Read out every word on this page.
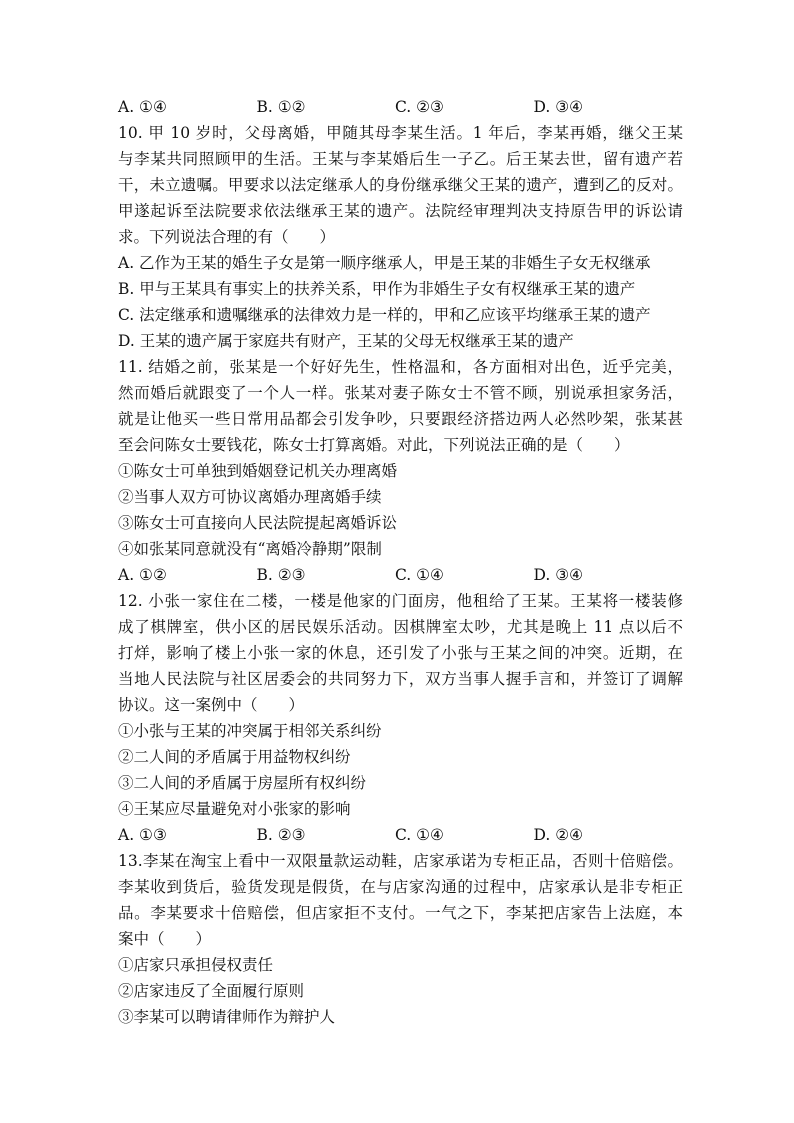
A. ①④	B. ①②	C. ②③	D. ③④
10. 甲 10 岁时，父母离婚，甲随其母李某生活。1 年后，李某再婚，继父王某
与李某共同照顾甲的生活。王某与李某婚后生一子乙。后王某去世，留有遗产若
干，未立遗嘱。甲要求以法定继承人的身份继承继父王某的遗产，遭到乙的反对。
甲遂起诉至法院要求依法继承王某的遗产。法院经审理判决支持原告甲的诉讼请
求。下列说法合理的有（　　）
A. 乙作为王某的婚生子女是第一顺序继承人，甲是王某的非婚生子女无权继承
B. 甲与王某具有事实上的扶养关系，甲作为非婚生子女有权继承王某的遗产
C. 法定继承和遗嘱继承的法律效力是一样的，甲和乙应该平均继承王某的遗产
D. 王某的遗产属于家庭共有财产，王某的父母无权继承王某的遗产
11. 结婚之前，张某是一个好好先生，性格温和，各方面相对出色，近乎完美，
然而婚后就跟变了一个人一样。张某对妻子陈女士不管不顾，别说承担家务活，
就是让他买一些日常用品都会引发争吵，只要跟经济搭边两人必然吵架，张某甚
至会问陈女士要钱花，陈女士打算离婚。对此，下列说法正确的是（　　）
①陈女士可单独到婚姻登记机关办理离婚
②当事人双方可协议离婚办理离婚手续
③陈女士可直接向人民法院提起离婚诉讼
④如张某同意就没有“离婚冷静期”限制
A. ①②	B. ②③	C. ①④	D. ③④
12. 小张一家住在二楼，一楼是他家的门面房，他租给了王某。王某将一楼装修
成了棋牌室，供小区的居民娱乐活动。因棋牌室太吵，尤其是晚上 11 点以后不
打烊，影响了楼上小张一家的休息，还引发了小张与王某之间的冲突。近期，在
当地人民法院与社区居委会的共同努力下，双方当事人握手言和，并签订了调解
协议。这一案例中（　　）
①小张与王某的冲突属于相邻关系纠纷
②二人间的矛盾属于用益物权纠纷
③二人间的矛盾属于房屋所有权纠纷
④王某应尽量避免对小张家的影响
A. ①③	B. ②③	C. ①④	D. ②④
13.李某在淘宝上看中一双限量款运动鞋，店家承诺为专柜正品，否则十倍赔偿。
李某收到货后，验货发现是假货，在与店家沟通的过程中，店家承认是非专柜正
品。李某要求十倍赔偿，但店家拒不支付。一气之下，李某把店家告上法庭，本
案中（　　）
①店家只承担侵权责任
②店家违反了全面履行原则
③李某可以聘请律师作为辩护人
